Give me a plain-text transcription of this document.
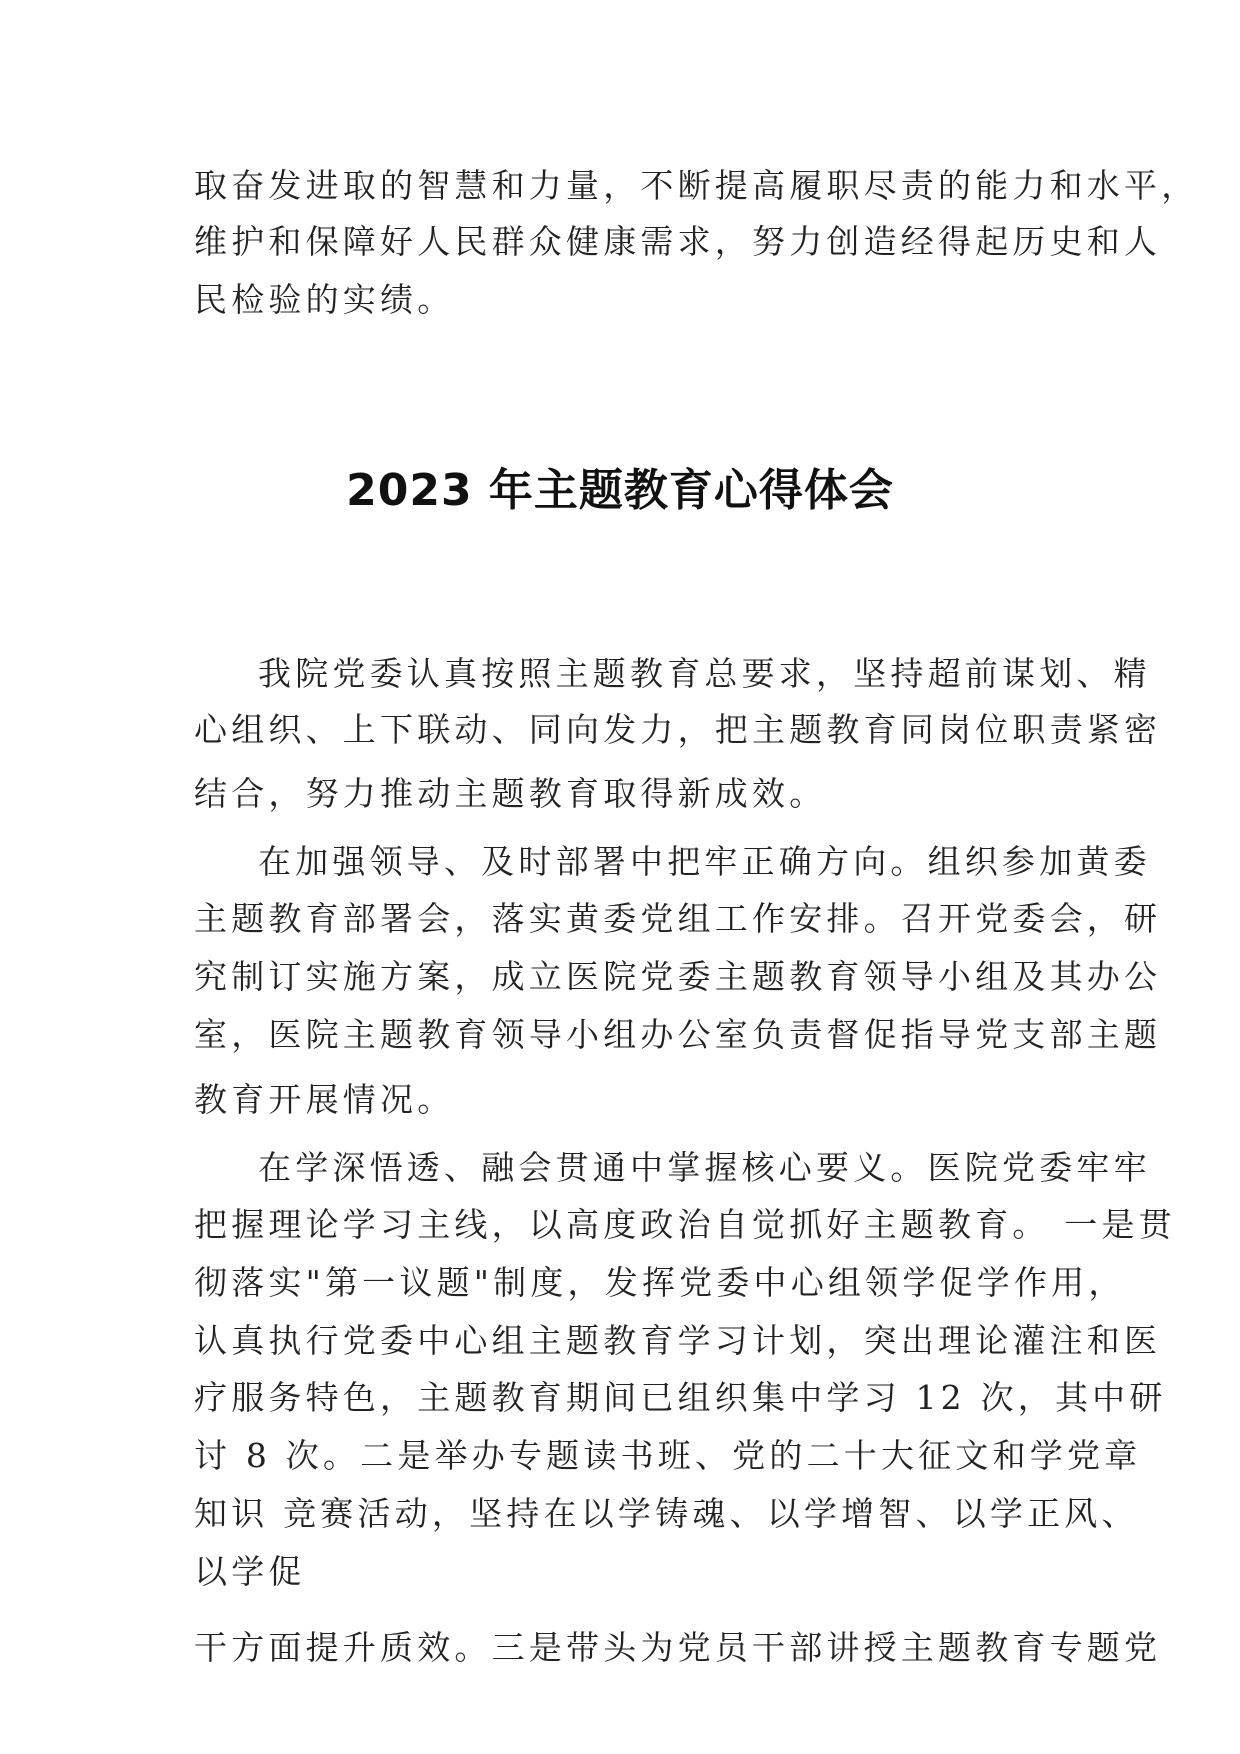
取奋发进取的智慧和力量，不断提高履职尽责的能力和水平，
维护和保障好人民群众健康需求，努力创造经得起历史和人
民检验的实绩。
2023 年主题教育心得体会
我院党委认真按照主题教育总要求，坚持超前谋划、精
心组织、上下联动、同向发力，把主题教育同岗位职责紧密
结合，努力推动主题教育取得新成效。
在加强领导、及时部署中把牢正确方向。组织参加黄委
主题教育部署会，落实黄委党组工作安排。召开党委会，研
究制订实施方案，成立医院党委主题教育领导小组及其办公
室，医院主题教育领导小组办公室负责督促指导党支部主题
教育开展情况。
在学深悟透、融会贯通中掌握核心要义。医院党委牢牢
把握理论学习主线，以高度政治自觉抓好主题教育。 一是贯
彻落实"第一议题"制度，发挥党委中心组领学促学作用，
认真执行党委中心组主题教育学习计划，突出理论灌注和医
疗服务特色，主题教育期间已组织集中学习 12 次，其中研
讨 8 次。二是举办专题读书班、党的二十大征文和学党章
知识 竞赛活动，坚持在以学铸魂、以学增智、以学正风、
以学促
干方面提升质效。三是带头为党员干部讲授主题教育专题党
